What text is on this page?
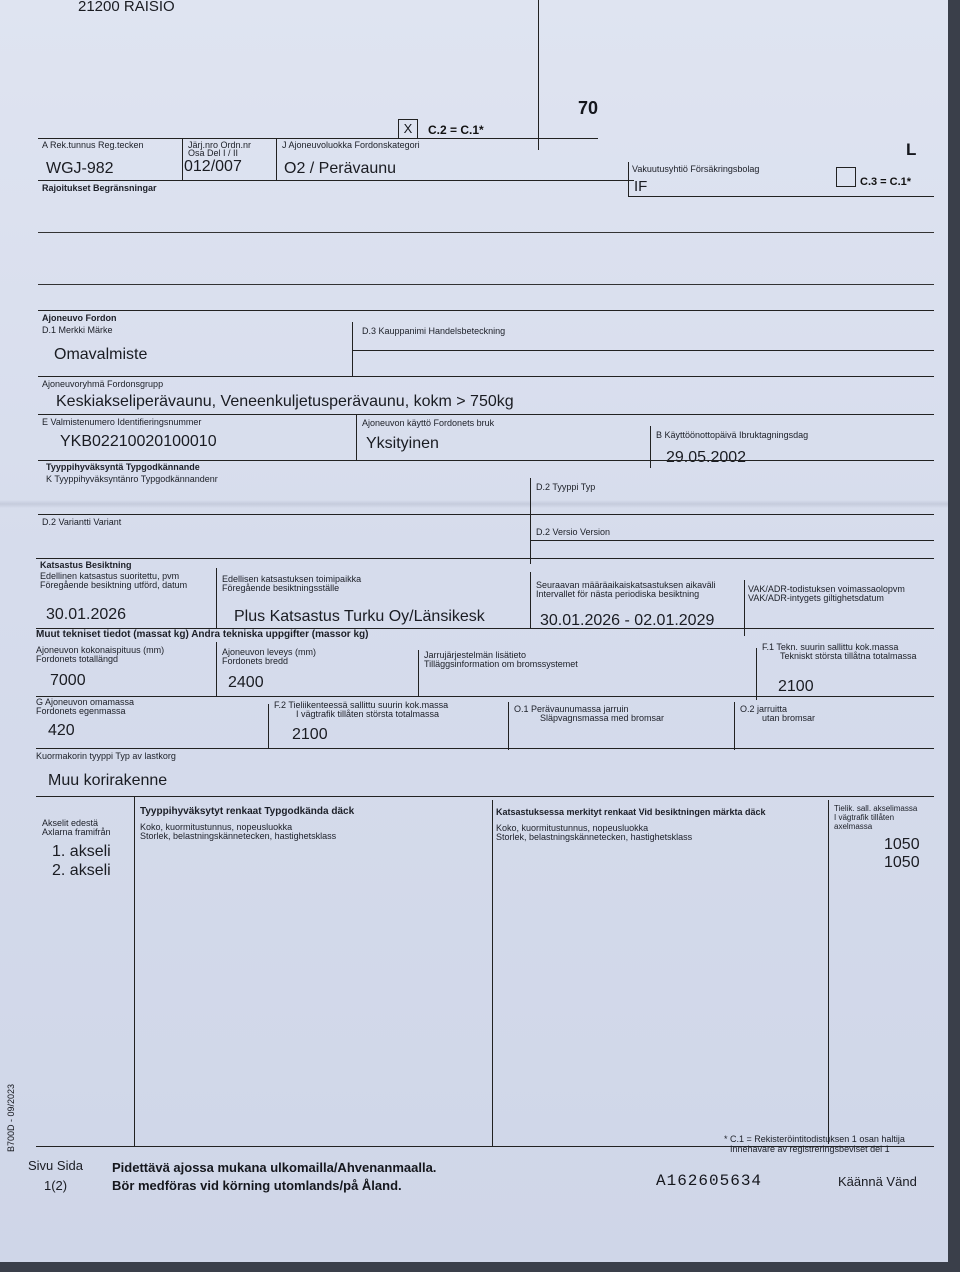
21200 RAISIO
70
L
X	C.2 = C.1*
C.3 = C.1*
A Rek.tunnus Reg.tecken
WGJ-982
Järj.nro Ordn.nr
Osa Del I / II
012/007
J Ajoneuvoluokka Fordonskategori
O2 / Perävaunu	Vakuutusyhtiö Försäkringsbolag
IF
Rajoitukset Begränsningar
Ajoneuvo Fordon
D.1 Merkki Märke
Omavalmiste
D.3 Kauppanimi Handelsbeteckning
Ajoneuvoryhmä Fordonsgrupp
Keskiakseliperävaunu, Veneenkuljetusperävaunu, kokm > 750kg
E Valmistenumero Identifieringsnummer
YKB02210020100010
Ajoneuvon käyttö Fordonets bruk
Yksityinen	B Käyttöönottopäivä Ibruktagningsdag
29.05.2002
Tyyppihyväksyntä Typgodkännande
K Tyyppihyväksyntänro Typgodkännandenr
D.2 Tyyppi Typ
D.2 Variantti Variant
D.2 Versio Version
Katsastus Besiktning
Edellinen katsastus suoritettu, pvm
Föregående besiktning utförd, datum
30.01.2026
Edellisen katsastuksen toimipaikka
Föregående besiktningsställe
Plus Katsastus Turku Oy/Länsikesk
Seuraavan määräaikaiskatsastuksen aikaväli
Intervallet för nästa periodiska besiktning
30.01.2026 - 02.01.2029
VAK/ADR-todistuksen voimassaolopvm
VAK/ADR-intygets giltighetsdatum
Muut tekniset tiedot (massat kg) Andra tekniska uppgifter (massor kg)
Ajoneuvon kokonaispituus (mm)
Fordonets totallängd
7000
Ajoneuvon leveys (mm)
Fordonets bredd
2400
Jarrujärjestelmän lisätieto
Tilläggsinformation om bromssystemet
F.1 Tekn. suurin sallittu kok.massa
Tekniskt största tillåtna totalmassa
2100
G Ajoneuvon omamassa
Fordonets egenmassa
420
F.2 Tieliikenteessä sallittu suurin kok.massa
I vägtrafik tillåten största totalmassa
2100
O.1 Perävaunumassa jarruin
Släpvagnsmassa med bromsar
O.2 jarruitta
utan bromsar
Kuormakorin tyyppi Typ av lastkorg
Muu korirakenne
Akselit edestä
Axlarna framifrån
1. akseli
2. akseli
Tyyppihyväksytyt renkaat Typgodkända däck
Koko, kuormitustunnus, nopeusluokka
Storlek, belastningskännetecken, hastighetsklass
Katsastuksessa merkityt renkaat Vid besiktningen märkta däck
Koko, kuormitustunnus, nopeusluokka
Storlek, belastningskännetecken, hastighetsklass
Tielik. sall. akselimassa
I vägtrafik tillåten
axelmassa
1050
1050
B700D - 09/2023
Sivu Sida
1(2)
Pidettävä ajossa mukana ulkomailla/Ahvenanmaalla.
Bör medföras vid körning utomlands/på Åland.	A162605634
* C.1 = Rekisteröintitodistuksen 1 osan haltija
Innehavare av registreringsbeviset del 1
Käännä Vänd
